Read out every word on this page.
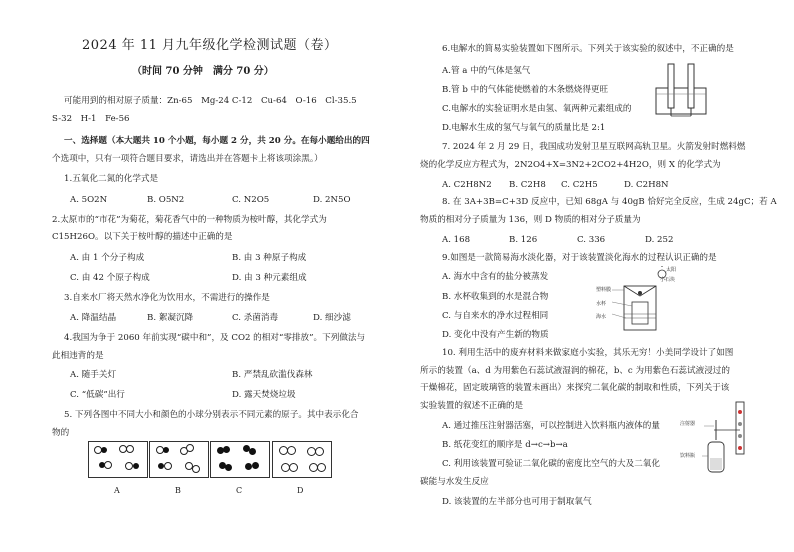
2024 年 11 月九年级化学检测试题（卷）
（时间 70 分钟　满分 70 分）
可能用到的相对原子质量：Zn-65　Mg-24 C-12　Cu-64　O-16　Cl-35.5
S-32　H-1　Fe-56
一、选择题（本大题共 10 个小题，每小题 2 分，共 20 分。在每小题给出的四
个选项中，只有一项符合题目要求，请选出并在答题卡上将该项涂黑。）
1.五氧化二氮的化学式是
A. 5O2N	B. O5N2	C. N2O5	D. 2N5O
2.太原市的“市花”为菊花，菊花香气中的一种物质为桉叶醇，其化学式为
C15H26O。以下关于桉叶醇的描述中正确的是
A. 由 1 个分子构成	B. 由 3 种原子构成
C. 由 42 个原子构成	D. 由 3 种元素组成
3.自来水厂将天然水净化为饮用水，不需进行的操作是
A. 降温结晶	B. 絮凝沉降	C. 杀菌消毒	D. 细沙滤
4.我国为争于 2060 年前实现“碳中和”，及 CO2 的相对“零排放”。下列做法与
此相违背的是
A. 随手关灯	B. 严禁乱砍滥伐森林
C. “低碳”出行	D. 露天焚烧垃圾
5. 下列各图中不同大小和颜色的小球分别表示不同元素的原子。其中表示化合
物的
A	B	C	D
6.电解水的简易实验装置如下图所示。下列关于该实验的叙述中，不正确的是
A.管 a 中的气体是氢气
B.管 b 中的气体能使燃着的木条燃烧得更旺
C.电解水的实验证明水是由氢、氧两种元素组成的
D.电解水生成的氢气与氧气的质量比是 2:1
7. 2024 年 2 月 29 日，我国成功发射卫星互联网高轨卫星。火箭发射时燃料燃
烧的化学反应方程式为，2N2O4+X=3N2+2CO2+4H2O，则 X 的化学式为
A. C2H8N2 B. C2H8 C. C2H5	D. C2H8N
8. 在 3A+3B=C+3D 反应中，已知 68gA 与 40gB 恰好完全反应，生成 24gC；若 A
物质的相对分子质量为 136，则 D 物质的相对分子质量为
A. 168	B. 126	C. 336	D. 252
9.如图是一款简易海水淡化器，对于该装置淡化海水的过程认识正确的是
A. 海水中含有的盐分被蒸发
B. 水杯收集到的水是混合物
C. 与自来水的净水过程相同
D. 变化中没有产生新的物质
小石块
塑料膜
水杯
海水
太阳
10. 利用生活中的废弃材料来做家庭小实验，其乐无穷！小美同学设计了如图
所示的装置（a、d 为用紫色石蕊试液湿润的棉花，b、c 为用紫色石蕊试液浸过的
干燥棉花，固定玻璃管的装置未画出）来探究二氧化碳的制取和性质，下列关于该
实验装置的叙述不正确的是
A. 通过推压注射器活塞，可以控制进入饮料瓶内液体的量
B. 纸花变红的顺序是 d→c→b→a
C. 利用该装置可验证二氧化碳的密度比空气的大及二氧化
碳能与水发生反应
D. 该装置的左半部分也可用于制取氧气
注射器
饮料瓶
